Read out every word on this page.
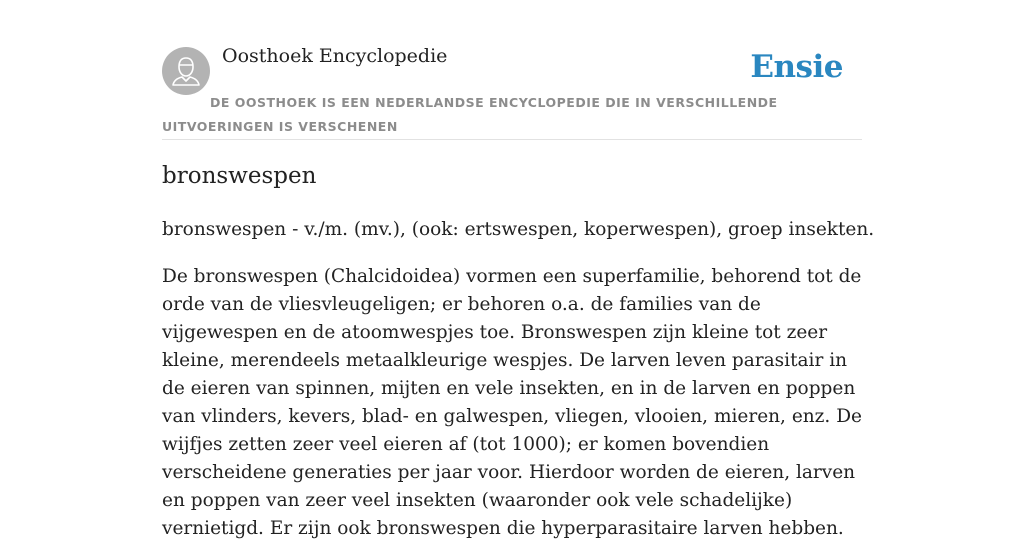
Oosthoek Encyclopedie	Ensie
DE OOSTHOEK IS EEN NEDERLANDSE ENCYCLOPEDIE DIE IN VERSCHILLENDE UITVOERINGEN IS VERSCHENEN
bronswespen

bronswespen - v./m. (mv.), (ook: ertswespen, koperwespen), groep insekten.

De bronswespen (Chalcidoidea) vormen een superfamilie, behorend tot de orde van de vliesvleugeligen; er behoren o.a. de families van de vijgewespen en de atoomwespjes toe. Bronswespen zijn kleine tot zeer kleine, merendeels metaalkleurige wespjes. De larven leven parasitair in de eieren van spinnen, mijten en vele insekten, en in de larven en poppen van vlinders, kevers, blad- en galwespen, vliegen, vlooien, mieren, enz. De wijfjes zetten zeer veel eieren af (tot 1000); er komen bovendien verscheidene generaties per jaar voor. Hierdoor worden de eieren, larven en poppen van zeer veel insekten (waaronder ook vele schadelijke) vernietigd. Er zijn ook bronswespen die hyperparasitaire larven hebben.
